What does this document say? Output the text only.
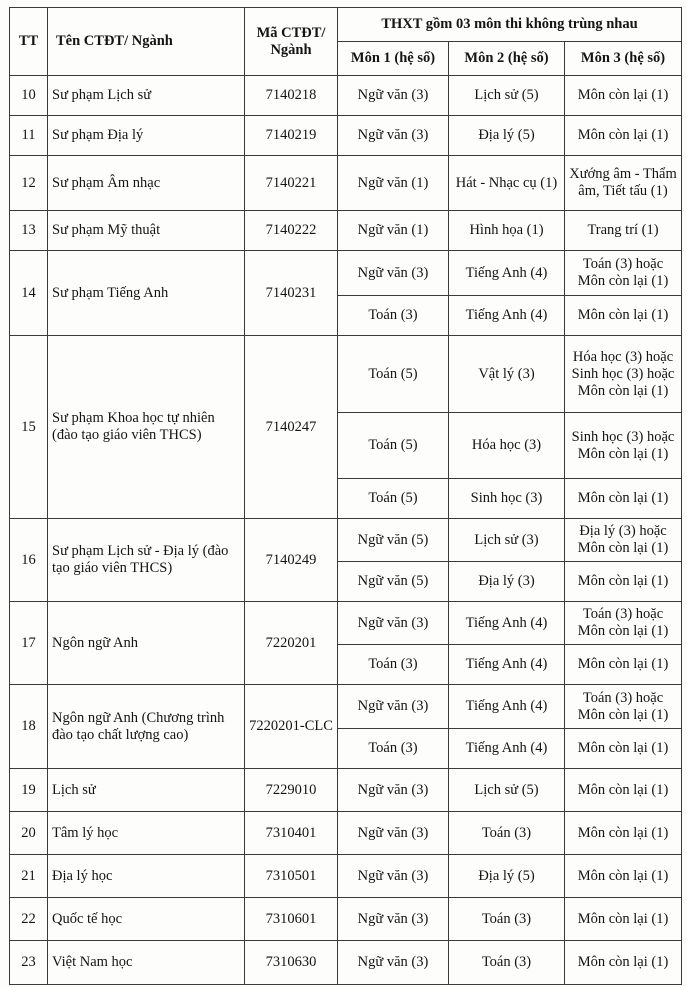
TT	Tên CTĐT/ Ngành	Mã CTĐT/ Ngành	THXT gồm 03 môn thi không trùng nhau		
			Môn 1 (hệ số)	Môn 2 (hệ số)	Môn 3 (hệ số)
10	Sư phạm Lịch sử	7140218	Ngữ văn (3)	Lịch sử (5)	Môn còn lại (1)
11	Sư phạm Địa lý	7140219	Ngữ văn (3)	Địa lý (5)	Môn còn lại (1)
12	Sư phạm Âm nhạc	7140221	Ngữ văn (1)	Hát - Nhạc cụ (1)	Xướng âm - Thẩm âm, Tiết tấu (1)
13	Sư phạm Mỹ thuật	7140222	Ngữ văn (1)	Hình họa (1)	Trang trí (1)
14	Sư phạm Tiếng Anh	7140231	Ngữ văn (3)	Tiếng Anh (4)	Toán (3) hoặc Môn còn lại (1)
			Toán (3)	Tiếng Anh (4)	Môn còn lại (1)
15	Sư phạm Khoa học tự nhiên (đào tạo giáo viên THCS)	7140247	Toán (5)	Vật lý (3)	Hóa học (3) hoặc Sinh học (3) hoặc Môn còn lại (1)
			Toán (5)	Hóa học (3)	Sinh học (3) hoặc Môn còn lại (1)
			Toán (5)	Sinh học (3)	Môn còn lại (1)
16	Sư phạm Lịch sử - Địa lý (đào tạo giáo viên THCS)	7140249	Ngữ văn (5)	Lịch sử (3)	Địa lý (3) hoặc Môn còn lại (1)
			Ngữ văn (5)	Địa lý (3)	Môn còn lại (1)
17	Ngôn ngữ Anh	7220201	Ngữ văn (3)	Tiếng Anh (4)	Toán (3) hoặc Môn còn lại (1)
			Toán (3)	Tiếng Anh (4)	Môn còn lại (1)
18	Ngôn ngữ Anh (Chương trình đào tạo chất lượng cao)	7220201-CLC	Ngữ văn (3)	Tiếng Anh (4)	Toán (3) hoặc Môn còn lại (1)
			Toán (3)	Tiếng Anh (4)	Môn còn lại (1)
19	Lịch sử	7229010	Ngữ văn (3)	Lịch sử (5)	Môn còn lại (1)
20	Tâm lý học	7310401	Ngữ văn (3)	Toán (3)	Môn còn lại (1)
21	Địa lý học	7310501	Ngữ văn (3)	Địa lý (5)	Môn còn lại (1)
22	Quốc tế học	7310601	Ngữ văn (3)	Toán (3)	Môn còn lại (1)
23	Việt Nam học	7310630	Ngữ văn (3)	Toán (3)	Môn còn lại (1)
